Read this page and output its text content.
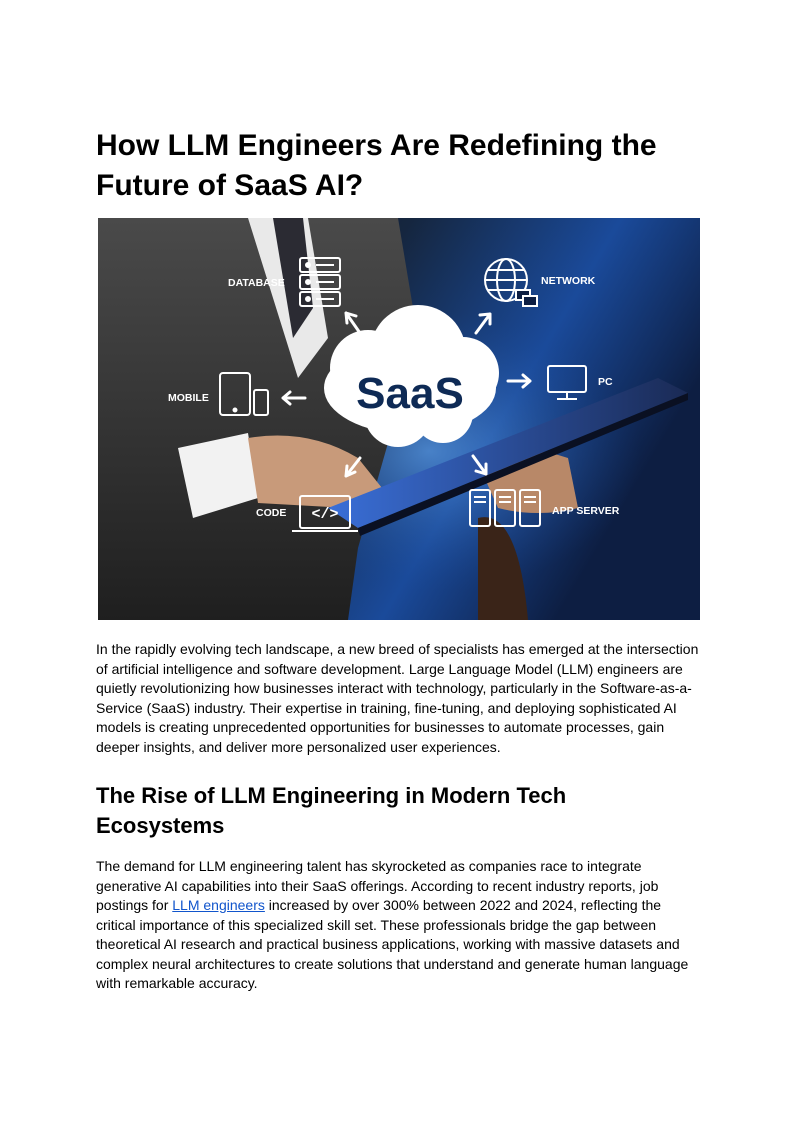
How LLM Engineers Are Redefining the Future of SaaS AI?
SaaS
DATABASE	NETWORK
MOBILE
PC
</>
CODE	APP SERVER

In the rapidly evolving tech landscape, a new breed of specialists has emerged at the intersection of artificial intelligence and software development. Large Language Model (LLM) engineers are quietly revolutionizing how businesses interact with technology, particularly in the Software-as-a-Service (SaaS) industry. Their expertise in training, fine-tuning, and deploying sophisticated AI models is creating unprecedented opportunities for businesses to automate processes, gain deeper insights, and deliver more personalized user experiences.

The Rise of LLM Engineering in Modern Tech Ecosystems

The demand for LLM engineering talent has skyrocketed as companies race to integrate generative AI capabilities into their SaaS offerings. According to recent industry reports, job postings for LLM engineers increased by over 300% between 2022 and 2024, reflecting the critical importance of this specialized skill set. These professionals bridge the gap between theoretical AI research and practical business applications, working with massive datasets and complex neural architectures to create solutions that understand and generate human language with remarkable accuracy.
